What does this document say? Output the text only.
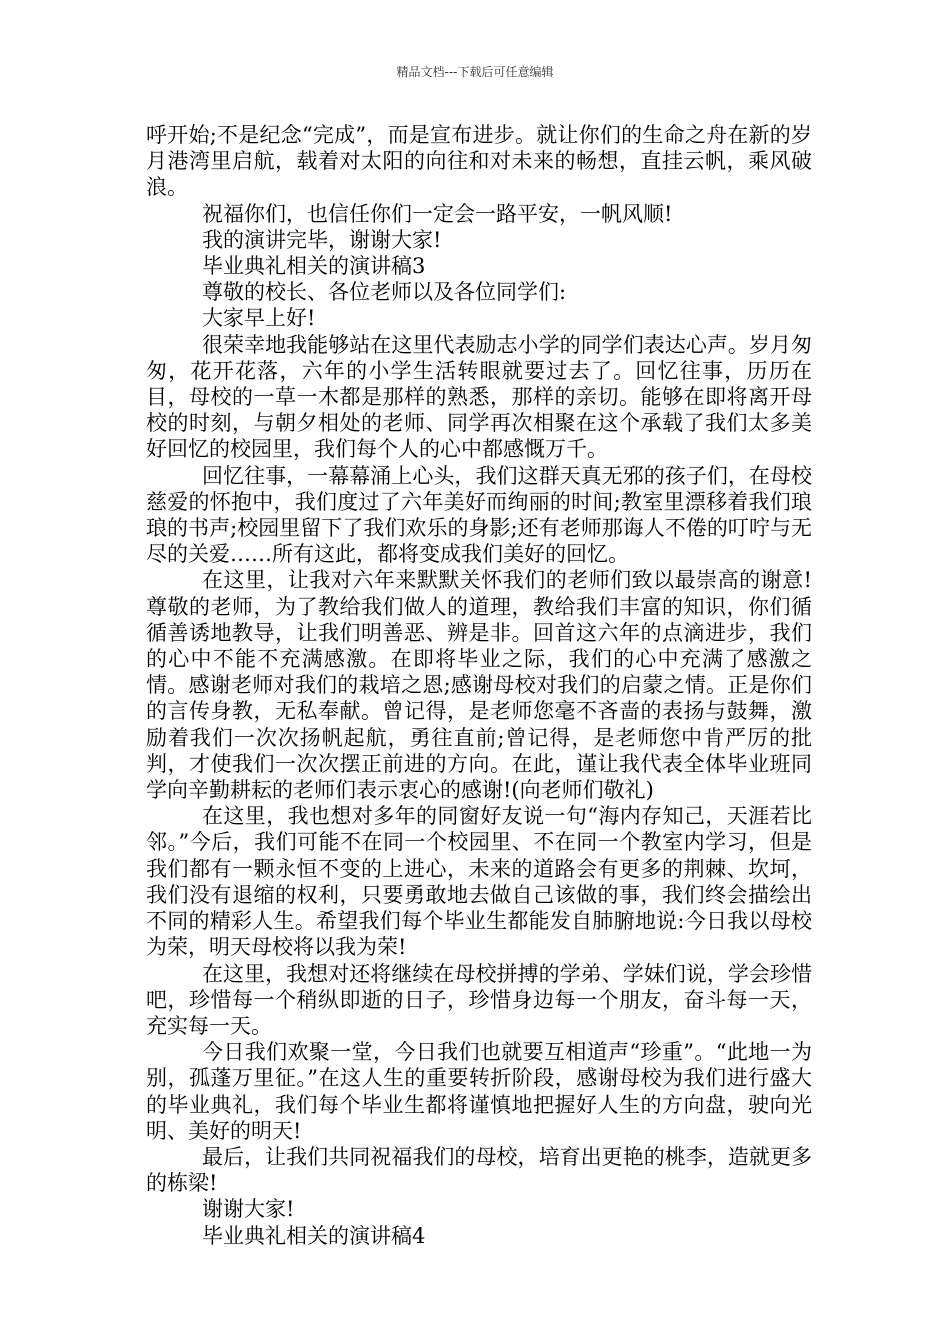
精品文档---下载后可任意编辑

呼开始;不是纪念“完成”，而是宣布进步。就让你们的生命之舟在新的岁月港湾里启航，载着对太阳的向往和对未来的畅想，直挂云帆，乘风破浪。

祝福你们，也信任你们一定会一路平安，一帆风顺!

我的演讲完毕，谢谢大家!

毕业典礼相关的演讲稿3

尊敬的校长、各位老师以及各位同学们:

大家早上好!

很荣幸地我能够站在这里代表励志小学的同学们表达心声。岁月匆匆，花开花落，六年的小学生活转眼就要过去了。回忆往事，历历在目，母校的一草一木都是那样的熟悉，那样的亲切。能够在即将离开母校的时刻，与朝夕相处的老师、同学再次相聚在这个承载了我们太多美好回忆的校园里，我们每个人的心中都感慨万千。

回忆往事，一幕幕涌上心头，我们这群天真无邪的孩子们，在母校慈爱的怀抱中，我们度过了六年美好而绚丽的时间;教室里漂移着我们琅琅的书声;校园里留下了我们欢乐的身影;还有老师那诲人不倦的叮咛与无尽的关爱……所有这此，都将变成我们美好的回忆。

在这里，让我对六年来默默关怀我们的老师们致以最崇高的谢意!尊敬的老师，为了教给我们做人的道理，教给我们丰富的知识，你们循循善诱地教导，让我们明善恶、辨是非。回首这六年的点滴进步，我们的心中不能不充满感激。在即将毕业之际，我们的心中充满了感激之情。感谢老师对我们的栽培之恩;感谢母校对我们的启蒙之情。正是你们的言传身教，无私奉献。曾记得，是老师您毫不吝啬的表扬与鼓舞，激励着我们一次次扬帆起航，勇往直前;曾记得，是老师您中肯严厉的批判，才使我们一次次摆正前进的方向。在此，谨让我代表全体毕业班同学向辛勤耕耘的老师们表示衷心的感谢!(向老师们敬礼)

在这里，我也想对多年的同窗好友说一句“海内存知己，天涯若比邻。”今后，我们可能不在同一个校园里、不在同一个教室内学习，但是我们都有一颗永恒不变的上进心，未来的道路会有更多的荆棘、坎坷，我们没有退缩的权利，只要勇敢地去做自己该做的事，我们终会描绘出不同的精彩人生。希望我们每个毕业生都能发自肺腑地说:今日我以母校为荣，明天母校将以我为荣!

在这里，我想对还将继续在母校拼搏的学弟、学妹们说，学会珍惜吧，珍惜每一个稍纵即逝的日子，珍惜身边每一个朋友，奋斗每一天，充实每一天。

今日我们欢聚一堂，今日我们也就要互相道声“珍重”。“此地一为别，孤蓬万里征。”在这人生的重要转折阶段，感谢母校为我们进行盛大的毕业典礼，我们每个毕业生都将谨慎地把握好人生的方向盘，驶向光明、美好的明天!

最后，让我们共同祝福我们的母校，培育出更艳的桃李，造就更多的栋梁!

谢谢大家!

毕业典礼相关的演讲稿4
